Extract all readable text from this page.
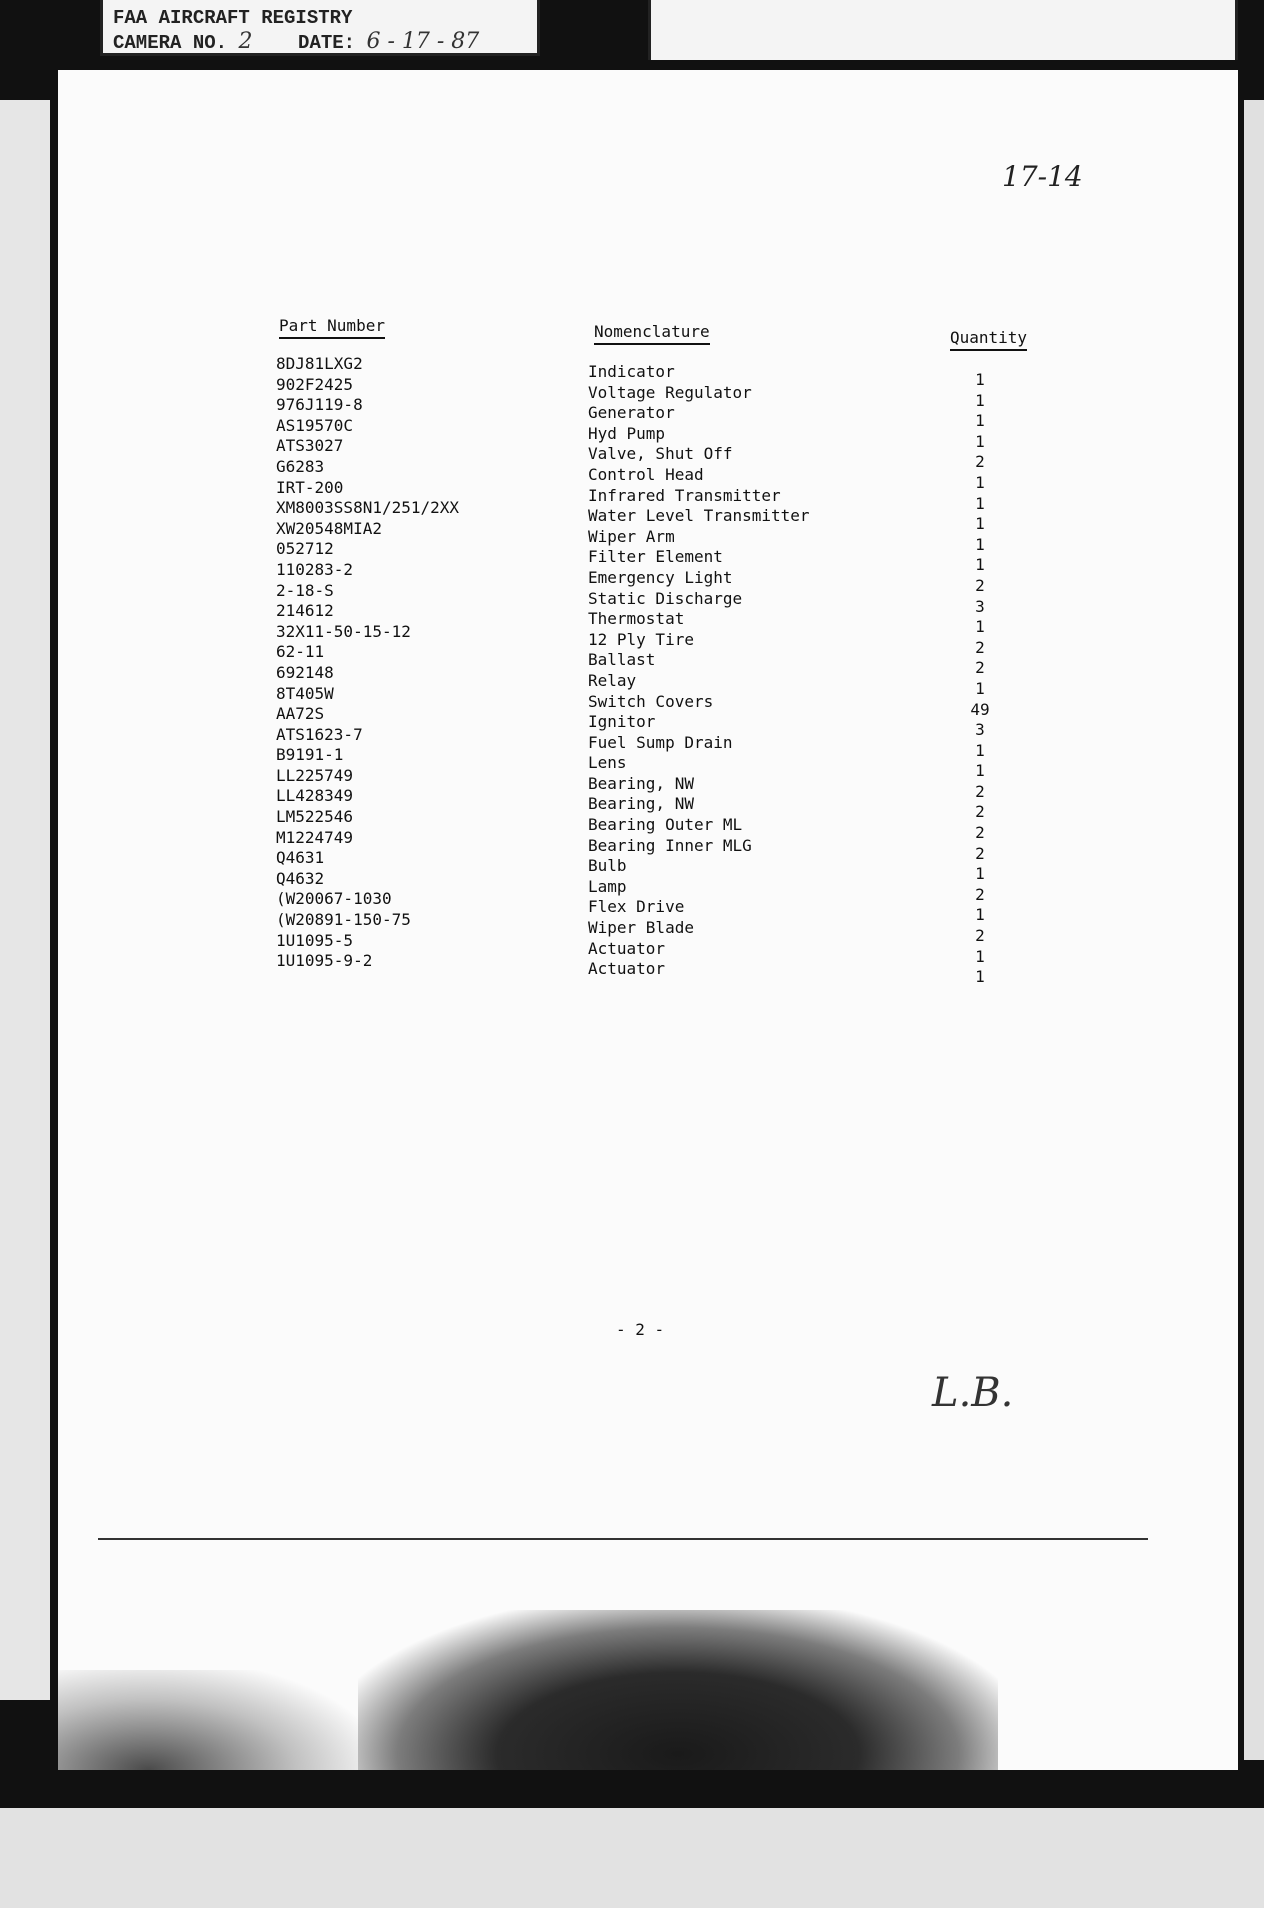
FAA AIRCRAFT REGISTRY
CAMERA NO. 2 DATE: 6 - 17 - 87
17-14
Part Number	Nomenclature	Quantity
8DJ81LXG2
902F2425
976J119-8
AS19570C
ATS3027
G6283
IRT-200
XM8003SS8N1/251/2XX
XW20548MIA2
052712
110283-2
2-18-S
214612
32X11-50-15-12
62-11
692148
8T405W
AA72S
ATS1623-7
B9191-1
LL225749
LL428349
LM522546
M1224749
Q4631
Q4632
(W20067-1030
(W20891-150-75
1U1095-5
1U1095-9-2
Indicator
Voltage Regulator
Generator
Hyd Pump
Valve, Shut Off
Control Head
Infrared Transmitter
Water Level Transmitter
Wiper Arm
Filter Element
Emergency Light
Static Discharge
Thermostat
12 Ply Tire
Ballast
Relay
Switch Covers
Ignitor
Fuel Sump Drain
Lens
Bearing, NW
Bearing, NW
Bearing Outer ML
Bearing Inner MLG
Bulb
Lamp
Flex Drive
Wiper Blade
Actuator
Actuator
1
1
1
1
2
1
1
1
1
1
2
3
1
2
2
1
49
3
1
1
2
2
2
2
1
2
1
2
1
1
- 2 -
L.B.
